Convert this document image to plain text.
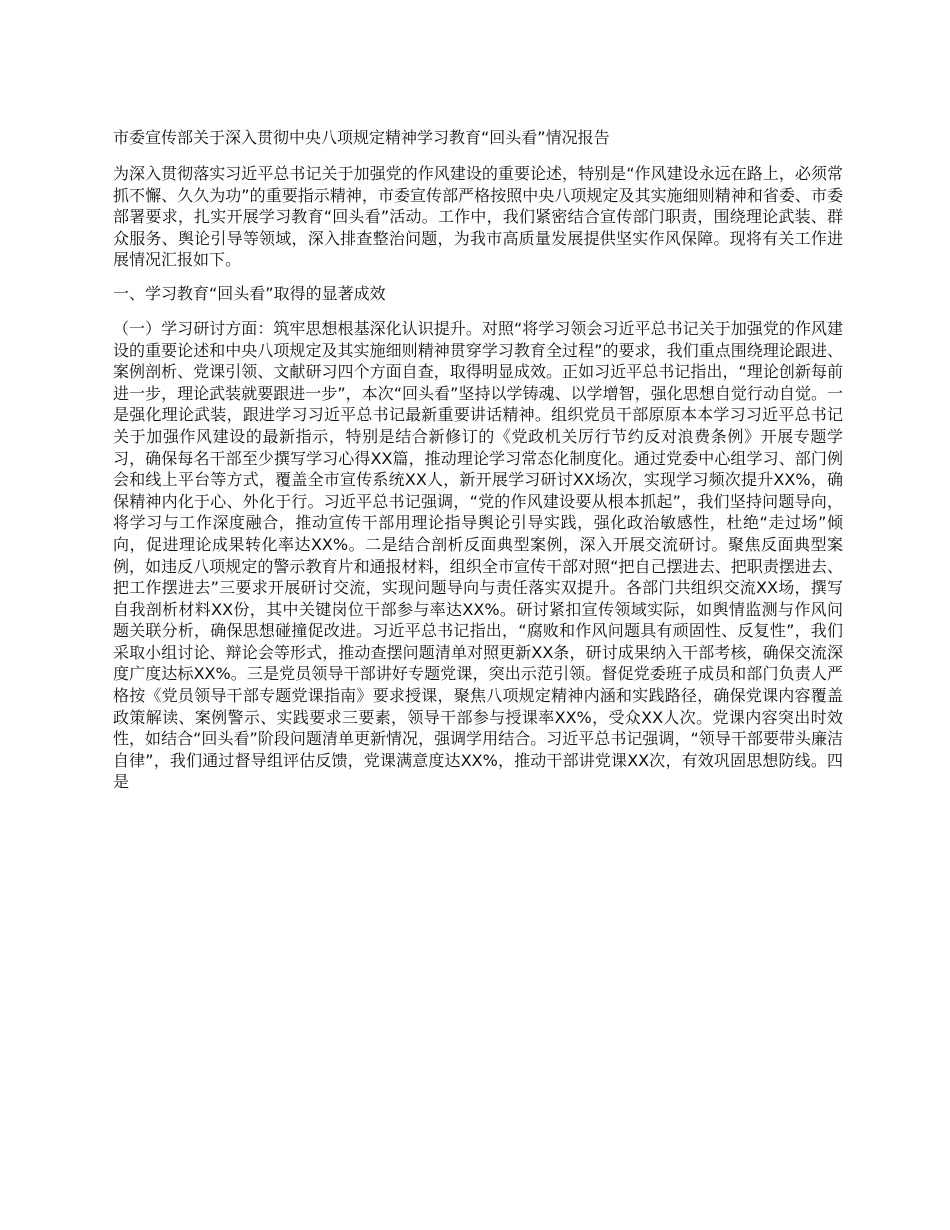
市委宣传部关于深入贯彻中央八项规定精神学习教育“回头看”情况报告

为深入贯彻落实习近平总书记关于加强党的作风建设的重要论述，特别是“作风建设永远在路上，必须常抓不懈、久久为功”的重要指示精神，市委宣传部严格按照中央八项规定及其实施细则精神和省委、市委部署要求，扎实开展学习教育“回头看”活动。工作中，我们紧密结合宣传部门职责，围绕理论武装、群众服务、舆论引导等领域，深入排查整治问题，为我市高质量发展提供坚实作风保障。现将有关工作进展情况汇报如下。

一、学习教育“回头看”取得的显著成效

（一）学习研讨方面：筑牢思想根基深化认识提升。对照“将学习领会习近平总书记关于加强党的作风建设的重要论述和中央八项规定及其实施细则精神贯穿学习教育全过程”的要求，我们重点围绕理论跟进、案例剖析、党课引领、文献研习四个方面自查，取得明显成效。正如习近平总书记指出，“理论创新每前进一步，理论武装就要跟进一步”，本次“回头看”坚持以学铸魂、以学增智，强化思想自觉行动自觉。一是强化理论武装，跟进学习习近平总书记最新重要讲话精神。组织党员干部原原本本学习习近平总书记关于加强作风建设的最新指示，特别是结合新修订的《党政机关厉行节约反对浪费条例》开展专题学习，确保每名干部至少撰写学习心得XX篇，推动理论学习常态化制度化。通过党委中心组学习、部门例会和线上平台等方式，覆盖全市宣传系统XX人，新开展学习研讨XX场次，实现学习频次提升XX%，确保精神内化于心、外化于行。习近平总书记强调，“党的作风建设要从根本抓起”，我们坚持问题导向，将学习与工作深度融合，推动宣传干部用理论指导舆论引导实践，强化政治敏感性，杜绝“走过场”倾向，促进理论成果转化率达XX%。二是结合剖析反面典型案例，深入开展交流研讨。聚焦反面典型案例，如违反八项规定的警示教育片和通报材料，组织全市宣传干部对照“把自己摆进去、把职责摆进去、把工作摆进去”三要求开展研讨交流，实现问题导向与责任落实双提升。各部门共组织交流XX场，撰写自我剖析材料XX份，其中关键岗位干部参与率达XX%。研讨紧扣宣传领域实际，如舆情监测与作风问题关联分析，确保思想碰撞促改进。习近平总书记指出，“腐败和作风问题具有顽固性、反复性”，我们采取小组讨论、辩论会等形式，推动查摆问题清单对照更新XX条，研讨成果纳入干部考核，确保交流深度广度达标XX%。三是党员领导干部讲好专题党课，突出示范引领。督促党委班子成员和部门负责人严格按《党员领导干部专题党课指南》要求授课，聚焦八项规定精神内涵和实践路径，确保党课内容覆盖政策解读、案例警示、实践要求三要素，领导干部参与授课率XX%，受众XX人次。党课内容突出时效性，如结合“回头看”阶段问题清单更新情况，强调学用结合。习近平总书记强调，“领导干部要带头廉洁自律”，我们通过督导组评估反馈，党课满意度达XX%，推动干部讲党课XX次，有效巩固思想防线。四是
